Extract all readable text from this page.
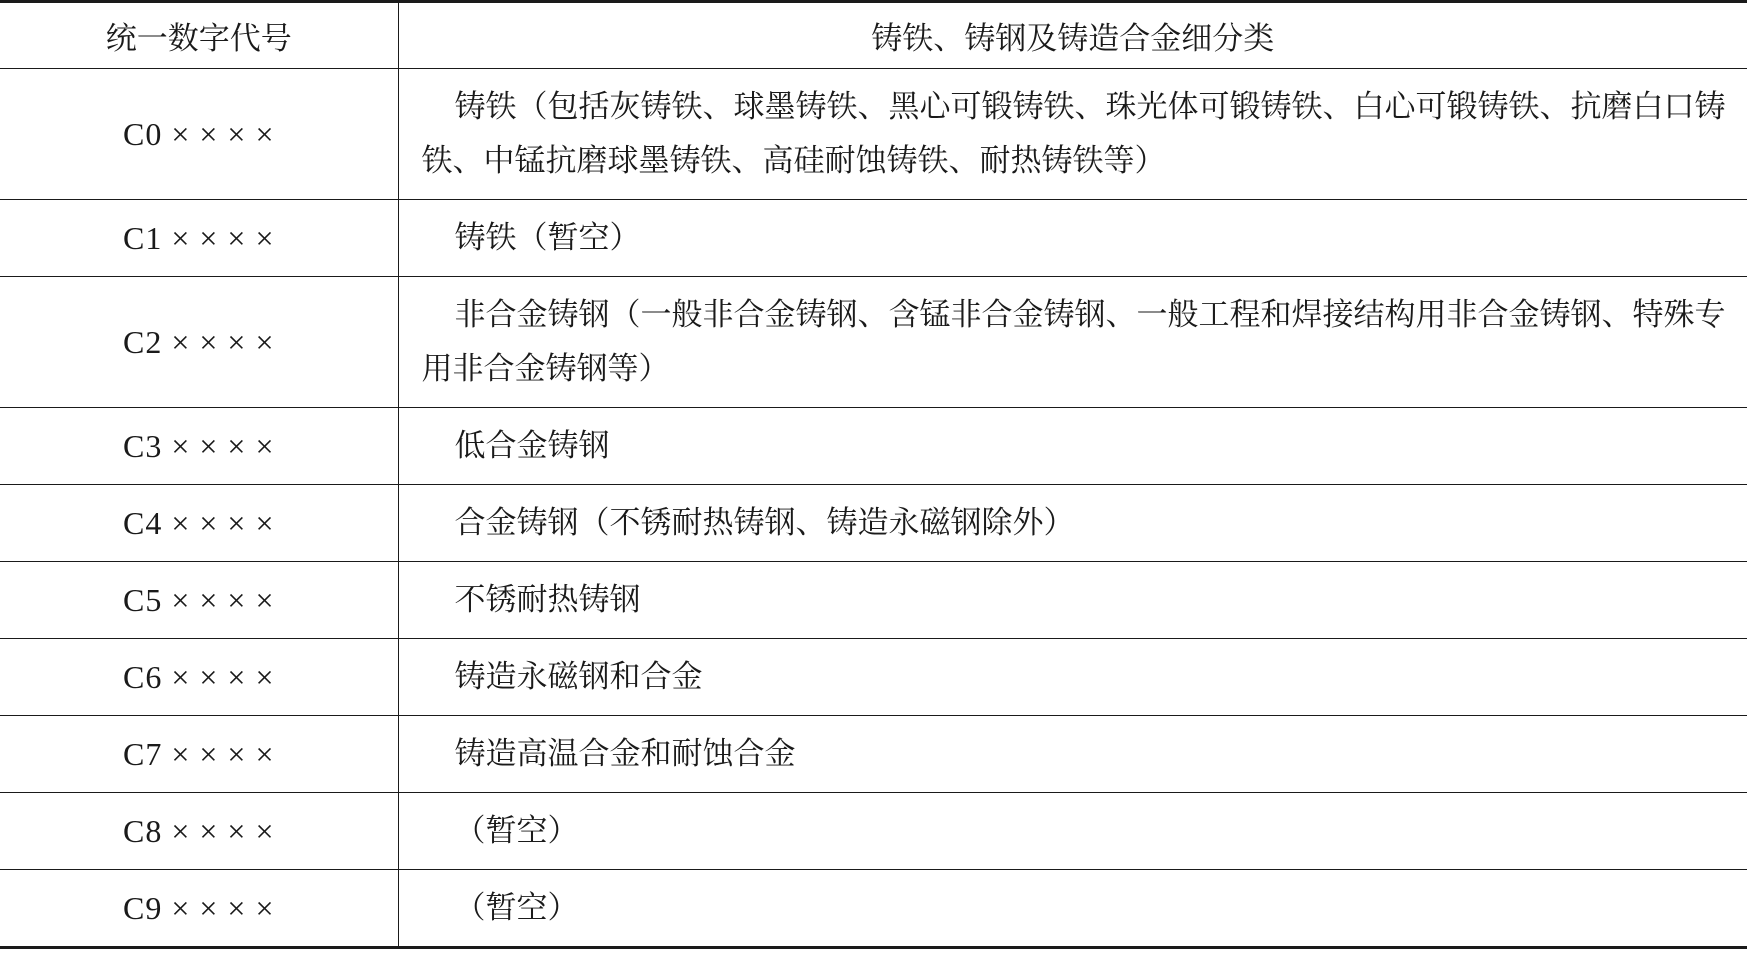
统一数字代号	铸铁、铸钢及铸造合金细分类
C0 × × × ×	铸铁（包括灰铸铁、球墨铸铁、黑心可锻铸铁、珠光体可锻铸铁、白心可锻铸铁、抗磨白口铸铁、中锰抗磨球墨铸铁、高硅耐蚀铸铁、耐热铸铁等）
C1 × × × ×	铸铁（暂空）
C2 × × × ×	非合金铸钢（一般非合金铸钢、含锰非合金铸钢、一般工程和焊接结构用非合金铸钢、特殊专用非合金铸钢等）
C3 × × × ×	低合金铸钢
C4 × × × ×	合金铸钢（不锈耐热铸钢、铸造永磁钢除外）
C5 × × × ×	不锈耐热铸钢
C6 × × × ×	铸造永磁钢和合金
C7 × × × ×	铸造高温合金和耐蚀合金
C8 × × × ×	（暂空）
C9 × × × ×	（暂空）
